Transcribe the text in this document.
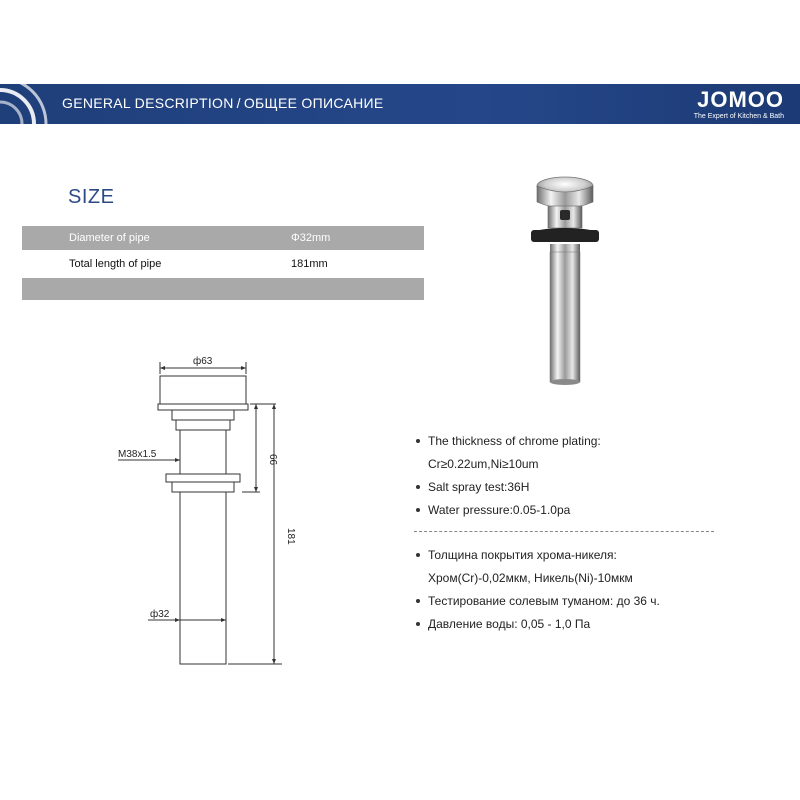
GENERAL DESCRIPTION / ОБЩЕЕ ОПИСАНИЕ	JOMOO
The Expert of Kitchen & Bath
SIZE
Diameter of pipe	Φ32mm
Total length of pipe	181mm
ф63
M38x1.5
ф32
66
181
The thickness of chrome plating:
Cr≥0.22um,Ni≥10um
Salt spray test:36H
Water pressure:0.05-1.0pa
Толщина покрытия хрома-никеля:
Хром(Cr)-0,02мкм, Никель(Ni)-10мкм
Тестирование солевым туманом: до 36 ч.
Давление воды: 0,05 - 1,0 Па
